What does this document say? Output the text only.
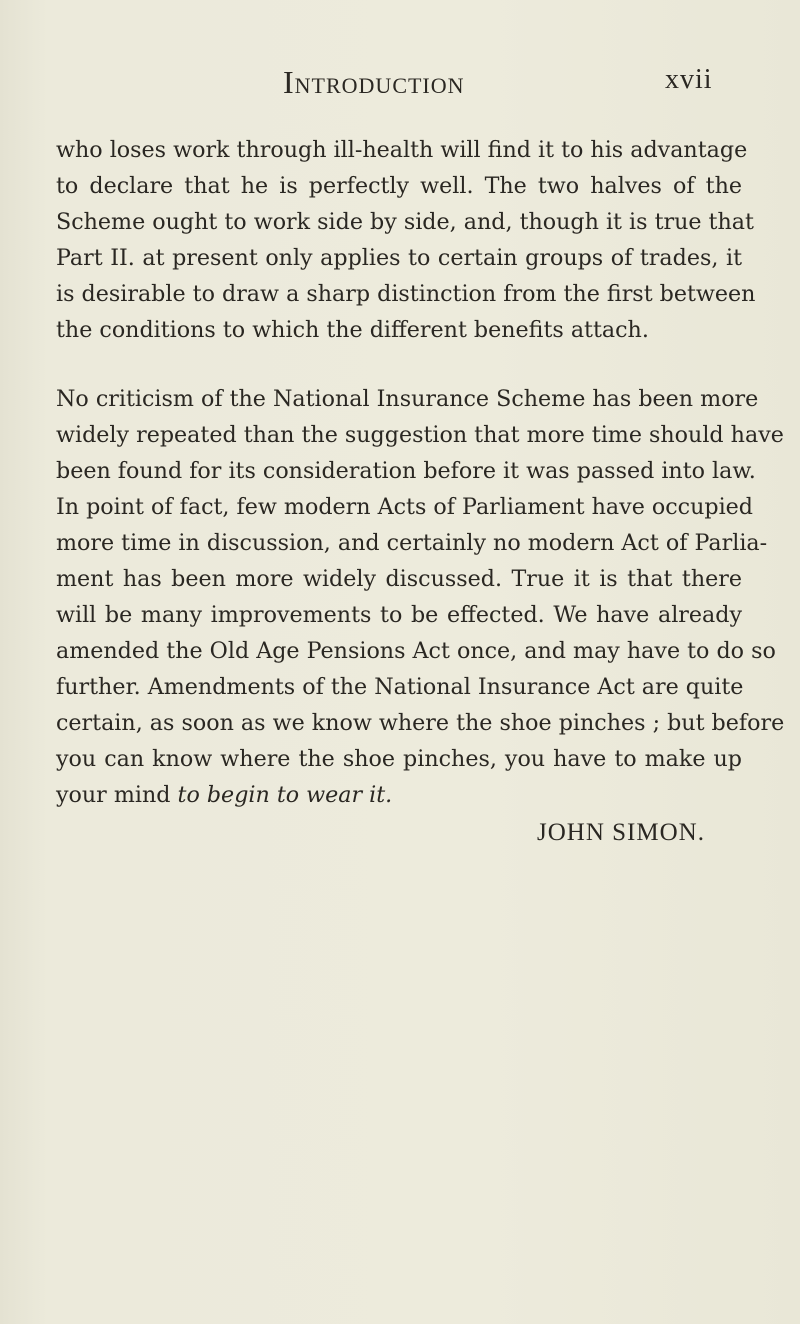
Introduction	xvii
who loses work through ill-health will find it to his advantage
to declare that he is perfectly well. The two halves of the
Scheme ought to work side by side, and, though it is true that
Part II. at present only applies to certain groups of trades, it
is desirable to draw a sharp distinction from the first between
the conditions to which the different benefits attach.
No criticism of the National Insurance Scheme has been more
widely repeated than the suggestion that more time should have
been found for its consideration before it was passed into law.
In point of fact, few modern Acts of Parliament have occupied
more time in discussion, and certainly no modern Act of Parlia-
ment has been more widely discussed. True it is that there
will be many improvements to be effected. We have already
amended the Old Age Pensions Act once, and may have to do so
further. Amendments of the National Insurance Act are quite
certain, as soon as we know where the shoe pinches ; but before
you can know where the shoe pinches, you have to make up
your mind to begin to wear it.
JOHN SIMON.
